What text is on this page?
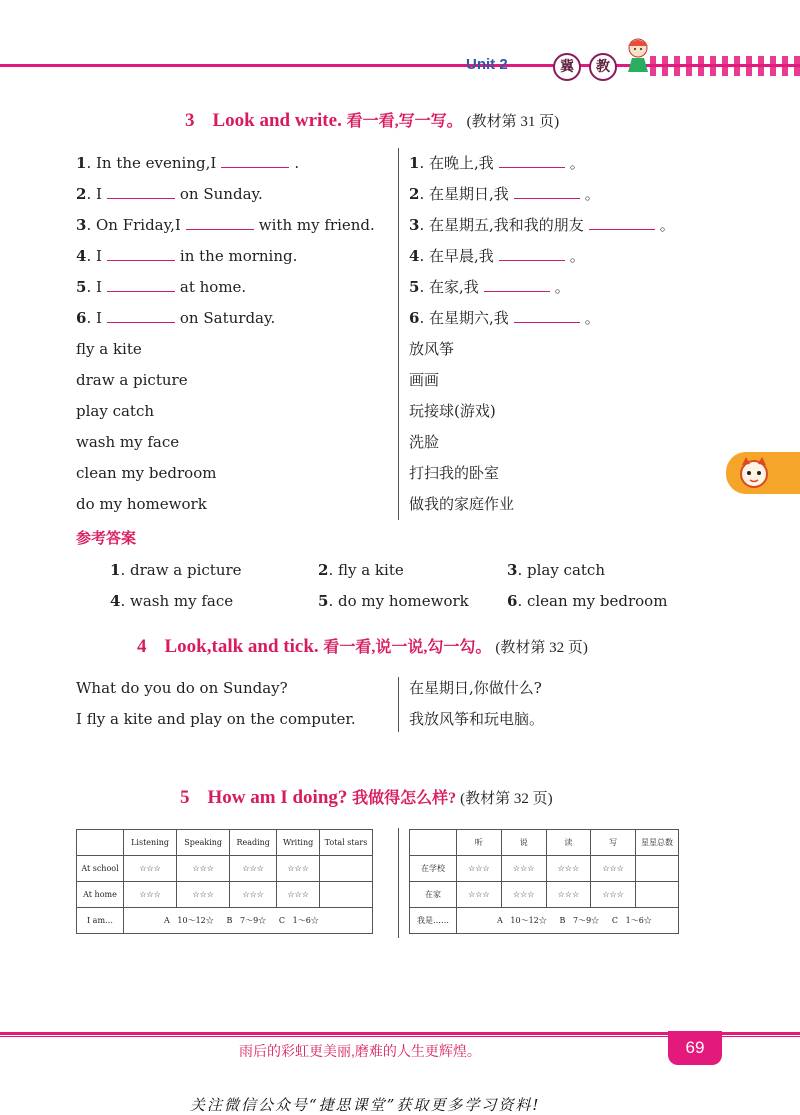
Unit 2	冀	教
3 Look and write. 看一看,写一写。 (教材第 31 页)
1. In the evening,I	.
2. I	on Sunday.
3. On Friday,I	with my friend.
4. I	in the morning.
5. I	at home.
6. I	on Saturday.
fly a kite
draw a picture
play catch
wash my face
clean my bedroom
do my homework
1. 在晚上,我	。
2. 在星期日,我	。
3. 在星期五,我和我的朋友	。
4. 在早晨,我	。
5. 在家,我	。
6. 在星期六,我	。
放风筝
画画
玩接球(游戏)
洗脸
打扫我的卧室
做我的家庭作业
参考答案
1. draw a picture	2. fly a kite	3. play catch
4. wash my face	5. do my homework	6. clean my bedroom
4 Look,talk and tick. 看一看,说一说,勾一勾。 (教材第 32 页)
What do you do on Sunday?
I fly a kite and play on the computer.
在星期日,你做什么?
我放风筝和玩电脑。
5 How am I doing? 我做得怎么样? (教材第 32 页)
	Listening	Speaking	Reading	Writing	Total stars
At school	☆☆☆	☆☆☆	☆☆☆	☆☆☆	
At home	☆☆☆	☆☆☆	☆☆☆	☆☆☆	
I am…	A   10～12☆     B   7～9☆     C   1～6☆				
	听	说	读	写	星星总数
在学校	☆☆☆	☆☆☆	☆☆☆	☆☆☆	
在家	☆☆☆	☆☆☆	☆☆☆	☆☆☆	
我是……	A   10～12☆     B   7～9☆     C   1～6☆				
雨后的彩虹更美丽,磨难的人生更辉煌。	69
关注微信公众号“捷思课堂”获取更多学习资料!
